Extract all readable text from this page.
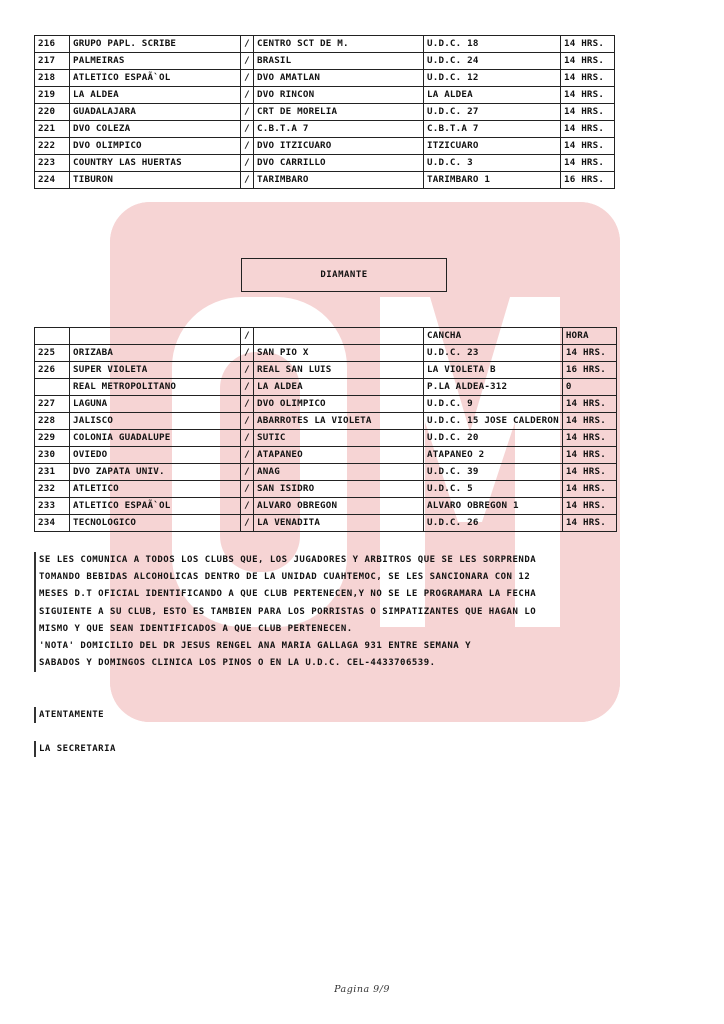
216	GRUPO PAPL. SCRIBE	/	CENTRO SCT DE M.	U.D.C. 18	14 HRS.
217	PALMEIRAS	/	BRASIL	U.D.C. 24	14 HRS.
218	ATLETICO ESPAÃ`OL	/	DVO AMATLAN	U.D.C. 12	14 HRS.
219	LA ALDEA	/	DVO RINCON	LA ALDEA	14 HRS.
220	GUADALAJARA	/	CRT DE MORELIA	U.D.C. 27	14 HRS.
221	DVO COLEZA	/	C.B.T.A 7	C.B.T.A 7	14 HRS.
222	DVO OLIMPICO	/	DVO ITZICUARO	ITZICUARO	14 HRS.
223	COUNTRY LAS HUERTAS	/	DVO CARRILLO	U.D.C. 3	14 HRS.
224	TIBURON	/	TARIMBARO	TARIMBARO 1	16 HRS.
DIAMANTE
		/		CANCHA	HORA
225	ORIZABA	/	SAN PIO X	U.D.C. 23	14 HRS.
226	SUPER VIOLETA	/	REAL SAN LUIS	LA VIOLETA B	16 HRS.
	REAL METROPOLITANO	/	LA ALDEA	P.LA ALDEA-312	0
227	LAGUNA	/	DVO OLIMPICO	U.D.C. 9	14 HRS.
228	JALISCO	/	ABARROTES LA VIOLETA	U.D.C. 15 JOSE CALDERON	14 HRS.
229	COLONIA GUADALUPE	/	SUTIC	U.D.C. 20	14 HRS.
230	OVIEDO	/	ATAPANEO	ATAPANEO 2	14 HRS.
231	DVO ZAPATA UNIV.	/	ANAG	U.D.C. 39	14 HRS.
232	ATLETICO	/	SAN ISIDRO	U.D.C. 5	14 HRS.
233	ATLETICO ESPAÃ`OL	/	ALVARO OBREGON	ALVARO OBREGON 1	14 HRS.
234	TECNOLOGICO	/	LA VENADITA	U.D.C. 26	14 HRS.
SE LES COMUNICA A TODOS LOS CLUBS QUE, LOS JUGADORES Y ARBITROS QUE SE LES SORPRENDA
TOMANDO BEBIDAS ALCOHOLICAS DENTRO DE LA UNIDAD CUAHTEMOC, SE LES SANCIONARA CON 12
MESES D.T OFICIAL IDENTIFICANDO A QUE CLUB PERTENECEN,Y NO SE LE PROGRAMARA LA FECHA
SIGUIENTE A SU CLUB, ESTO ES TAMBIEN PARA LOS PORRISTAS O SIMPATIZANTES QUE HAGAN LO
MISMO Y QUE SEAN IDENTIFICADOS A QUE CLUB PERTENECEN.
'NOTA' DOMICILIO DEL DR JESUS RENGEL ANA MARIA GALLAGA 931 ENTRE SEMANA Y
SABADOS Y DOMINGOS CLINICA LOS PINOS O EN LA U.D.C. CEL-4433706539.
ATENTAMENTE
LA SECRETARIA
Pagina 9/9
